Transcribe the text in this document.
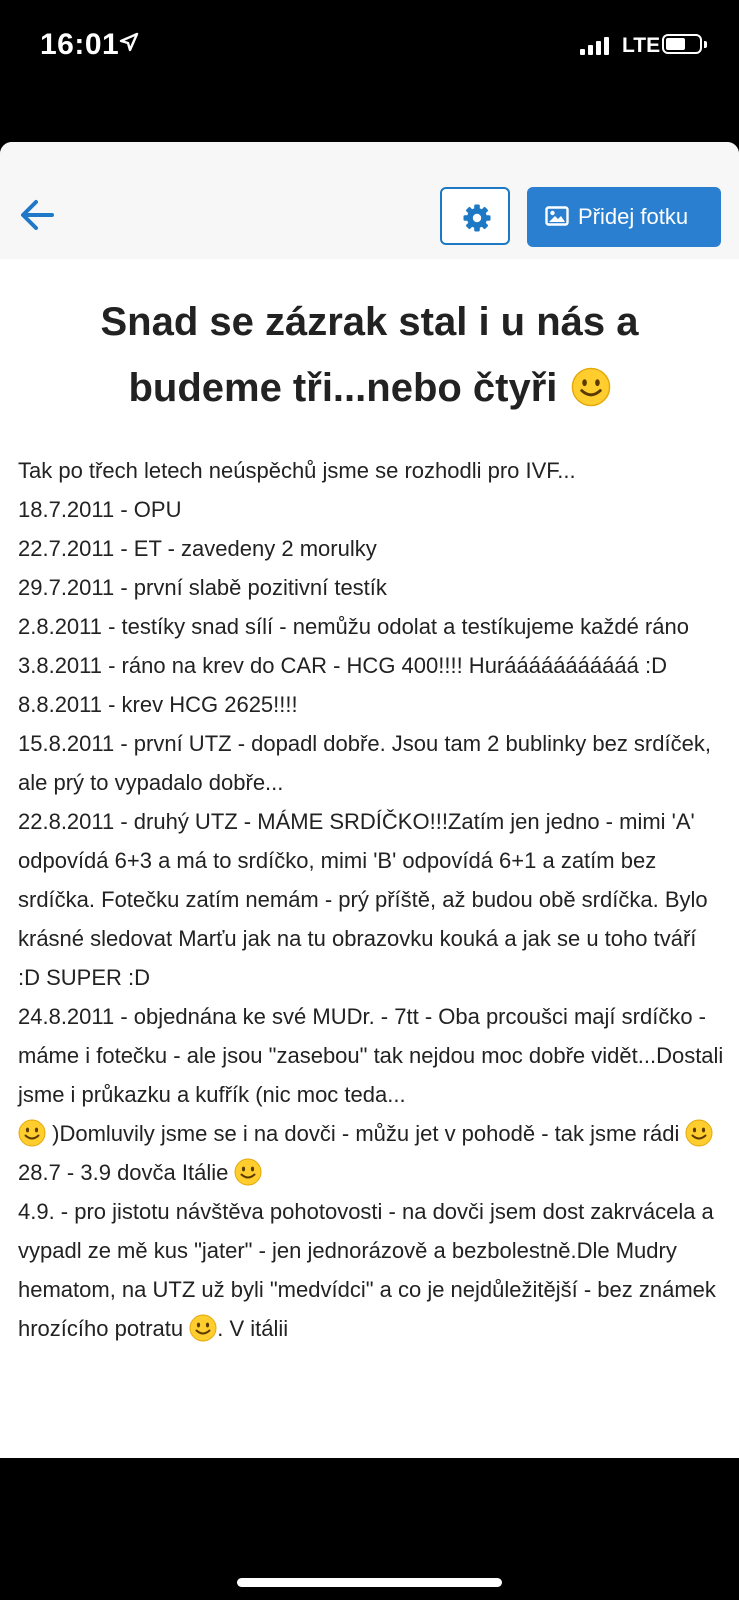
16:01	LTE
Přidej fotku
Snad se zázrak stal i u nás a budeme tři...nebo čtyři

Tak po třech letech neúspěchů jsme se rozhodli pro IVF...

18.7.2011 - OPU

22.7.2011 - ET - zavedeny 2 morulky

29.7.2011 - první slabě pozitivní testík

2.8.2011 - testíky snad sílí - nemůžu odolat a testíkujeme každé ráno

3.8.2011 - ráno na krev do CAR - HCG 400!!!! Hurááááááááááá :D

8.8.2011 - krev HCG 2625!!!!

15.8.2011 - první UTZ - dopadl dobře. Jsou tam 2 bublinky bez srdíček, ale prý to vypadalo dobře...

22.8.2011 - druhý UTZ - MÁME SRDÍČKO!!!Zatím jen jedno - mimi 'A' odpovídá 6+3 a má to srdíčko, mimi 'B' odpovídá 6+1 a zatím bez srdíčka. Fotečku zatím nemám - prý příště, až budou obě srdíčka. Bylo krásné sledovat Marťu jak na tu obrazovku kouká a jak se u toho tváří :D SUPER :D

24.8.2011 - objednána ke své MUDr. - 7tt - Oba prcoušci mají srdíčko - máme i fotečku - ale jsou "zasebou" tak nejdou moc dobře vidět...Dostali jsme i průkazku a kufřík (nic moc teda...
)Domluvily jsme se i na dovči - můžu jet v pohodě - tak jsme rádi

28.7 - 3.9 dovča Itálie

4.9. - pro jistotu návštěva pohotovosti - na dovči jsem dost zakrvácela a vypadl ze mě kus "jater" - jen jednorázově a bezbolestně.Dle Mudry hematom, na UTZ už byli "medvídci" a co je nejdůležitější - bez známek hrozícího potratu . V itálii
